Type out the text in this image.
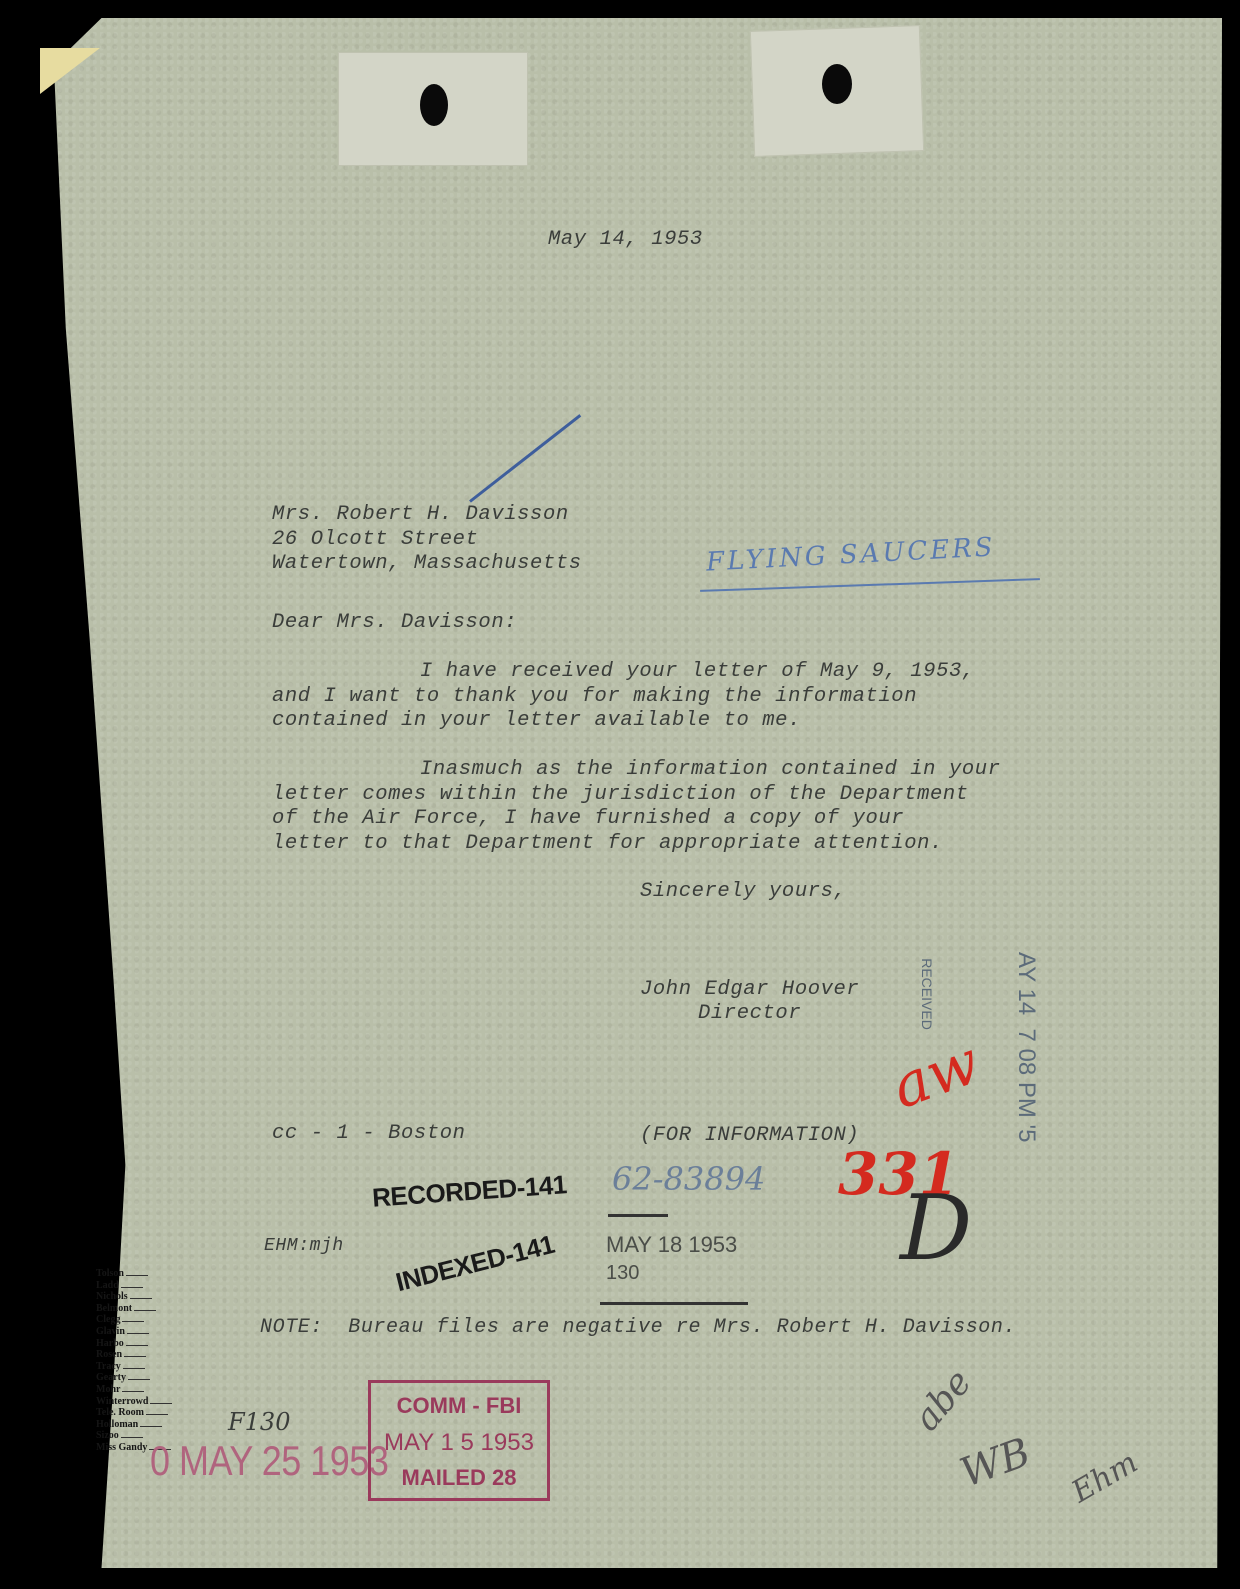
May 14, 1953
Mrs. Robert H. Davisson
26 Olcott Street
Watertown, Massachusetts	FLYING SAUCERS
Dear Mrs. Davisson:
I have received your letter of May 9, 1953,
and I want to thank you for making the information
contained in your letter available to me.
Inasmuch as the information contained in your
letter comes within the jurisdiction of the Department
of the Air Force, I have furnished a copy of your
letter to that Department for appropriate attention.
Sincerely yours,
John Edgar Hoover
Director	RECEIVED	AY 14  7 08 PM '5
cc - 1 - Boston	(FOR INFORMATION)
aw
331
62-83894
RECORDED-141
INDEXED-141 MAY 18 1953
130
EHM:mjh
Tolson
Ladd
Nichols
Belmont
Clegg
Glavin
Harbo
Rosen
Tracy
Gearty
Mohr
Winterrowd
Tele. Room
Holloman
Sizoo
Miss Gandy
NOTE:  Bureau files are negative re Mrs. Robert H. Davisson.
F130
0 MAY 25 1953
COMM - FBI
MAY 1 5 1953
MAILED 28
D
abe
WB Ehm
